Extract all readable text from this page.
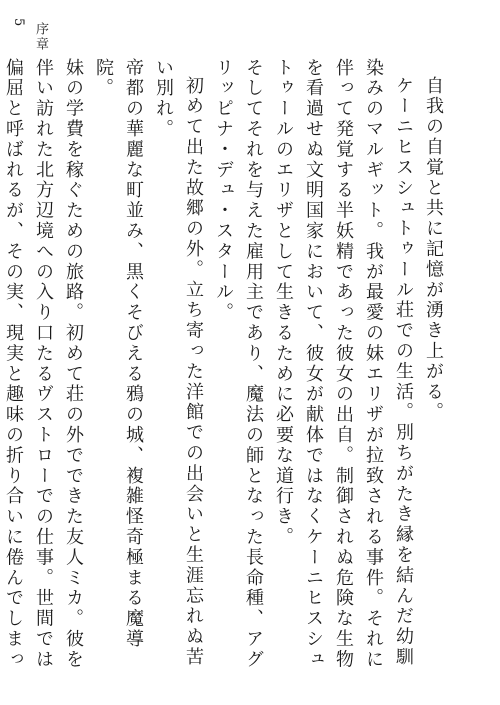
5 序章

自我の自覚と共に記憶が湧き上がる。

ケーニヒスシュトゥール荘での生活。別ちがたき縁を結んだ幼馴染みのマルギット。我が最愛の妹エリザが拉致される事件。それに伴って発覚する半妖精であった彼女の出自。制御されぬ危険な生物を看過せぬ文明国家において、彼女が献体ではなくケーニヒスシュトゥールのエリザとして生きるために必要な道行き。

そしてそれを与えた雇用主であり、魔法の師となった長命種、アグリッピナ・デュ・スタール。

初めて出た故郷の外。立ち寄った洋館での出会いと生涯忘れぬ苦い別れ。

帝都の華麗な町並み、黒くそびえる鴉の城、複雑怪奇極まる魔導院。

妹の学費を稼ぐための旅路。初めて荘の外でできた友人ミカ。彼を伴い訪れた北方辺境への入り口たるヴストローでの仕事。世間では偏屈と呼ばれるが、その実、現実と趣味の折り合いに倦んでしまっ
